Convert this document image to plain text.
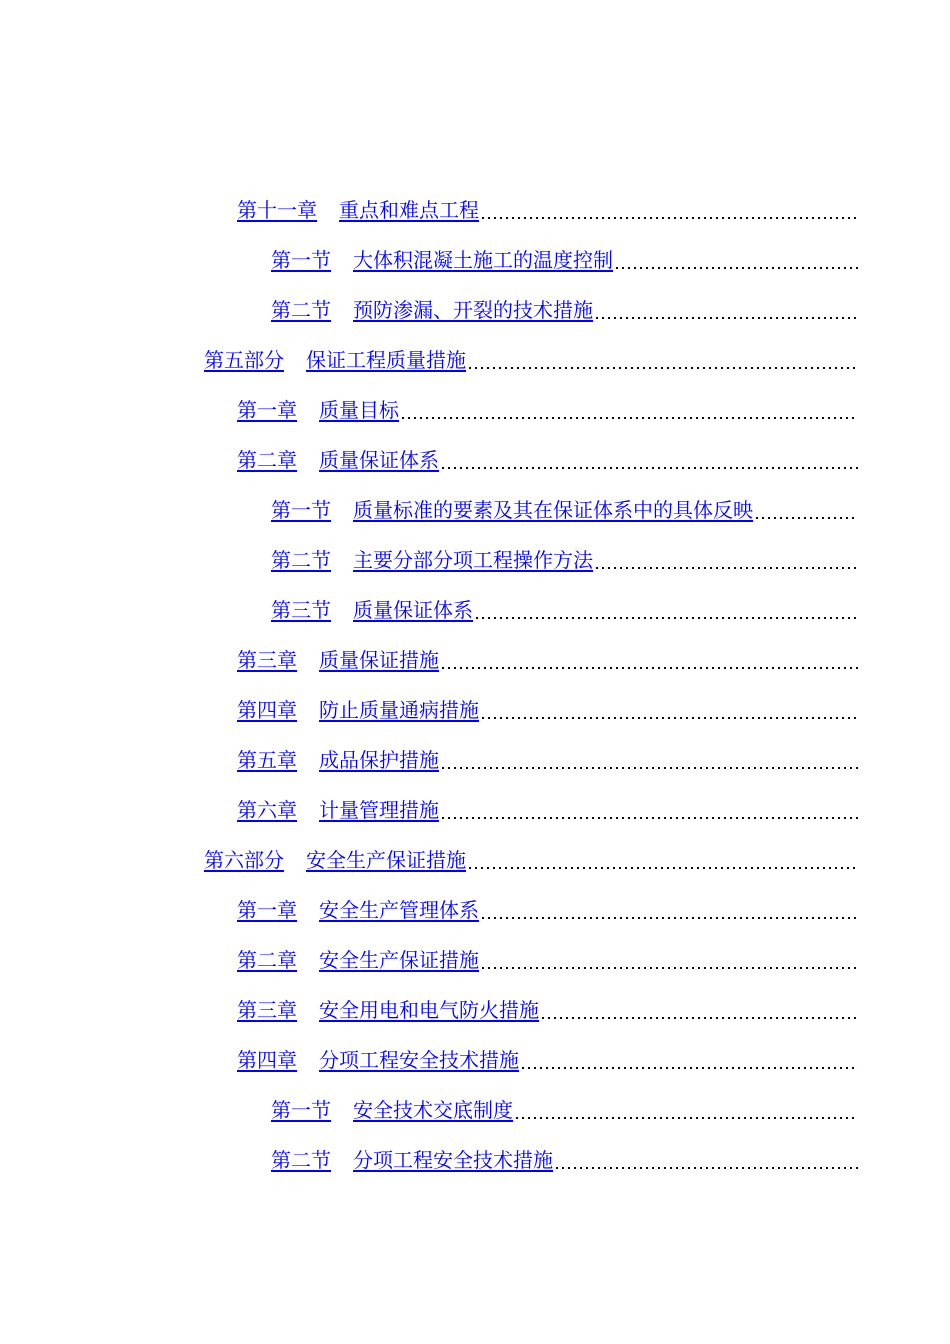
第十一章 重点和难点工程
第一节 大体积混凝土施工的温度控制
第二节 预防渗漏、开裂的技术措施
第五部分 保证工程质量措施
第一章 质量目标
第二章 质量保证体系
第一节 质量标准的要素及其在保证体系中的具体反映
第二节 主要分部分项工程操作方法
第三节 质量保证体系
第三章 质量保证措施
第四章 防止质量通病措施
第五章 成品保护措施
第六章 计量管理措施
第六部分 安全生产保证措施
第一章 安全生产管理体系
第二章 安全生产保证措施
第三章 安全用电和电气防火措施
第四章 分项工程安全技术措施
第一节 安全技术交底制度
第二节 分项工程安全技术措施
